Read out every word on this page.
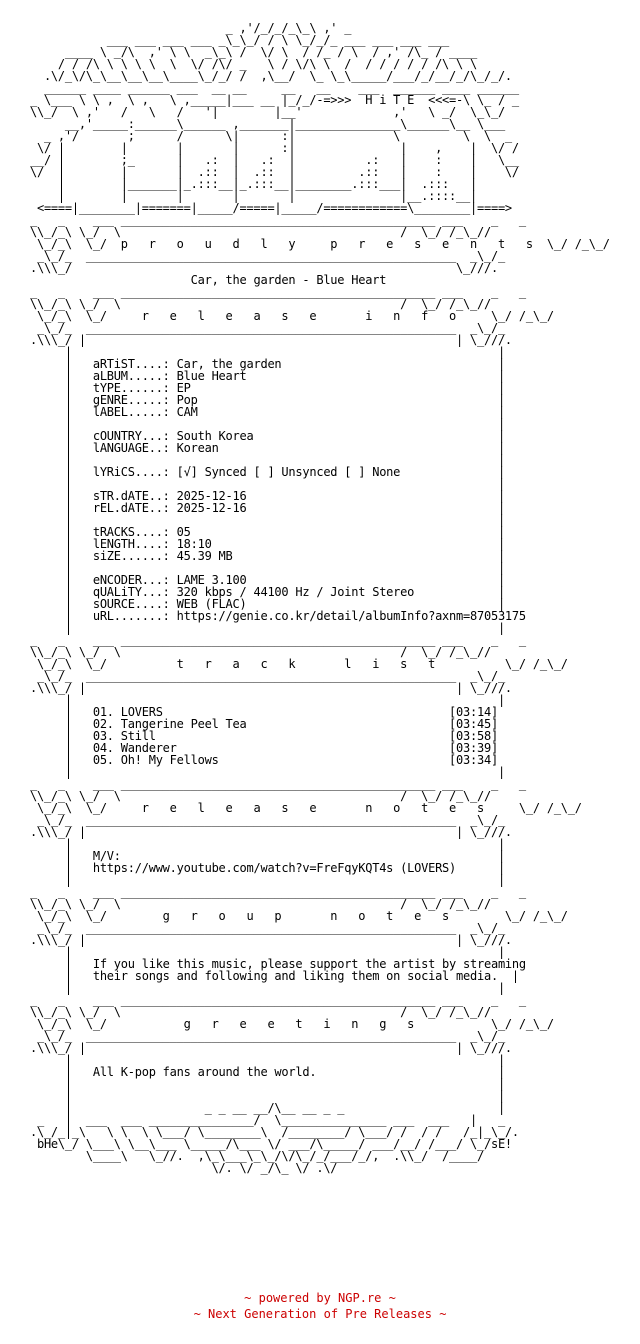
_ ,'/_/_/_\_\ ,' _
___ ___ ___ ___ _\_\_/ / \ \_/_/_ ___ ___ ___ ___
____ \ _/\  ,' \ \  _\_\ /  \/ \  / /_ / \  / ,' /\_ / ____
/ / /\ \ \ \ \  \  \/ /\/ _   \ / \/\ \  /  / / / / / /\ \ \
.\/_\/\_\__\__\__\____\_/_/ /  ,\__/  \_ \_\_____/___/_/__/_/\_/_/.
______ ____ ______ ___  __ __     __   __    ___  ______ ____ ______
_ \___ \ \ ,  \ ,   \ ,_____|___ __ |_/_/-=>>>  H i T E  <<<=-\ \_ / _
\\_/  \ ,'   /   \   /   '|        |__'             ,'   \ _/  \_\_/
__,'_____:______\______ ,_______|_______________\______\__ \___
_ ,'/       ;      /      \|      :|              \         \  \  _
\/ |        |       |       |      :|               |    ,    |  \/ /
__/ |        ;_      |   .:  |   .:  |          .:   |    :    |   \__
\/  |        |       |  .::  |  .::  |         .::   |    :    |    \/
|        |_______|_.:::__|_.:::__|________.:::___|  .:::   |
|        |       |       |       |               |__.::::__|
<====|________|=======|_____/=====|_____/============\________|====>
_   _    ___ _____________________________________________ ___    _   _
\\_/_\ \_/  \                                        /  \_/ /_\_//
\_/_\  \_/  p   r   o   u   d   l   y     p   r   e   s   e   n   t   s  \_/ /_\_/
_\_/_  _____________________________________________________  _\_/_
.\\\_/                                                       \_///.
Car, the garden - Blue Heart
_   _    ___ _____________________________________________ ___    _   _
\\_/_\ \_/  \                                        /  \_/ /_\_//
\_/_\  \_/     r   e   l   e   a   s   e       i   n   f   o     \_/ /_\_/
_\_/_  _____________________________________________________  _\_/_
.\\\_/ |                                                     | \_///.
|                                                             |
|   aRTiST....: Car, the garden                               |
|   aLBUM.....: Blue Heart                                    |
|   tYPE......: EP                                            |
|   gENRE.....: Pop                                           |
|   lABEL.....: CAM                                           |
|                                                             |
|   cOUNTRY...: South Korea                                   |
|   lANGUAGE..: Korean                                        |
|                                                             |
|   lYRiCS....: [√] Synced [ ] Unsynced [ ] None              |
|                                                             |
|   sTR.dATE..: 2025-12-16                                    |
|   rEL.dATE..: 2025-12-16                                    |
|                                                             |
|   tRACKS....: 05                                            |
|   lENGTH....: 18:10                                         |
|   siZE......: 45.39 MB                                      |
|                                                             |
|   eNCODER...: LAME 3.100                                    |
|   qUALiTY...: 320 kbps / 44100 Hz / Joint Stereo            |
|   sOURCE....: WEB (FLAC)                                    |
|   uRL.......: https://genie.co.kr/detail/albumInfo?axnm=87053175
|                                                             |
_   _    ___ _____________________________________________ ___    _   _
\\_/_\ \_/  \                                        /  \_/ /_\_//
\_/_\  \_/          t   r   a   c   k       l   i   s   t          \_/ /_\_/
_\_/_  _____________________________________________________  _\_/_
.\\\_/ |                                                     | \_///.
|                                                             |
|   01. LOVERS                                         [03:14]
|   02. Tangerine Peel Tea                             [03:45]
|   03. Still                                          [03:58]
|   04. Wanderer                                       [03:39]
|   05. Oh! My Fellows                                 [03:34]
|                                                             |
_   _    ___ _____________________________________________ ___    _   _
\\_/_\ \_/  \                                        /  \_/ /_\_//
\_/_\  \_/     r   e   l   e   a   s   e       n   o   t   e   s     \_/ /_\_/
_\_/_  _____________________________________________________  _\_/_
.\\\_/ |                                                     | \_///.
|                                                             |
|   M/V:                                                      |
|   https://www.youtube.com/watch?v=FreFqyKQT4s (LOVERS)      |
|                                                             |
_   _    ___ _____________________________________________ ___    _   _
\\_/_\ \_/  \                                        /  \_/ /_\_//
\_/_\  \_/        g   r   o   u   p       n   o   t   e   s        \_/ /_\_/
_\_/_  _____________________________________________________  _\_/_
.\\\_/ |                                                     | \_///.
|                                                             |
|   If you like this music, please support the artist by streaming
|   their songs and following and liking them on social media.  |
|                                                             |
_   _    ___ _____________________________________________ ___    _   _
\\_/_\ \_/  \                                        /  \_/ /_\_//
\_/_\  \_/           g   r   e   e   t   i   n   g   s           \_/ /_\_/
_\_/_  _____________________________________________________  _\_/_
.\\\_/ |                                                     | \_///.
|                                                             |
|   All K-pop fans around the world.                          |
|                                                             |
|                                                             |
|                   _ _ __ __/\__ __ _ _                      |
_   |  ___  ___ _______________/  \_______________ ___  ___   |   _
.\_/_|_\   \ \  \ \___/ \________\  /________/ \___/ /  / /   /_|_\_/.
bHe\_/ \___\ \__\___ \_____/\___ \/ ___/\_____/ ___/__/ /___/ \_/sE!
\____\   \_//.  ,\_\___\_\_/\/\_/_/___/_/,  .\\_/  /____/
\/. \/ _/\_ \/ .\/
~ powered by NGP.re ~
~ Next Generation of Pre Releases ~
